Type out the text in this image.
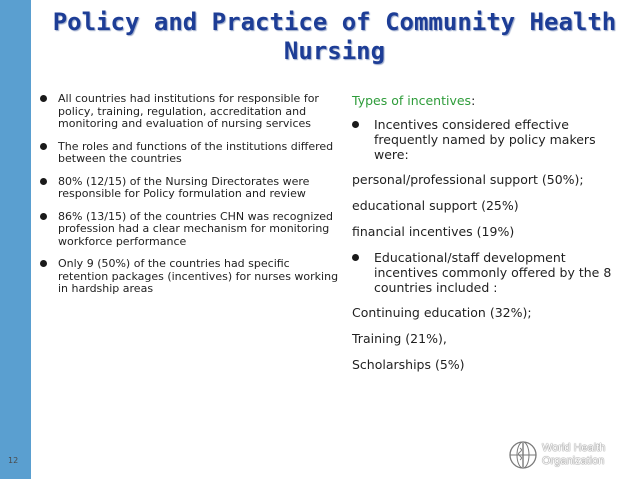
Policy and Practice of Community Health Nursing
All countries had institutions for responsible for policy, training, regulation, accreditation and monitoring and evaluation of nursing services
The roles and functions of the institutions differed between the countries
80% (12/15) of the Nursing Directorates were responsible for Policy formulation and review
86% (13/15) of the countries CHN was recognized profession had a clear mechanism for monitoring workforce performance
Only 9 (50%) of the countries had specific retention packages (incentives) for nurses working in hardship areas
Types of incentives:
Incentives considered effective frequently named by policy makers were:
personal/professional support (50%);
educational support (25%)
financial incentives (19%)
Educational/staff development incentives commonly offered by the 8 countries included :
Continuing education (32%);
Training (21%),
Scholarships (5%)
12
World Health
Organization
